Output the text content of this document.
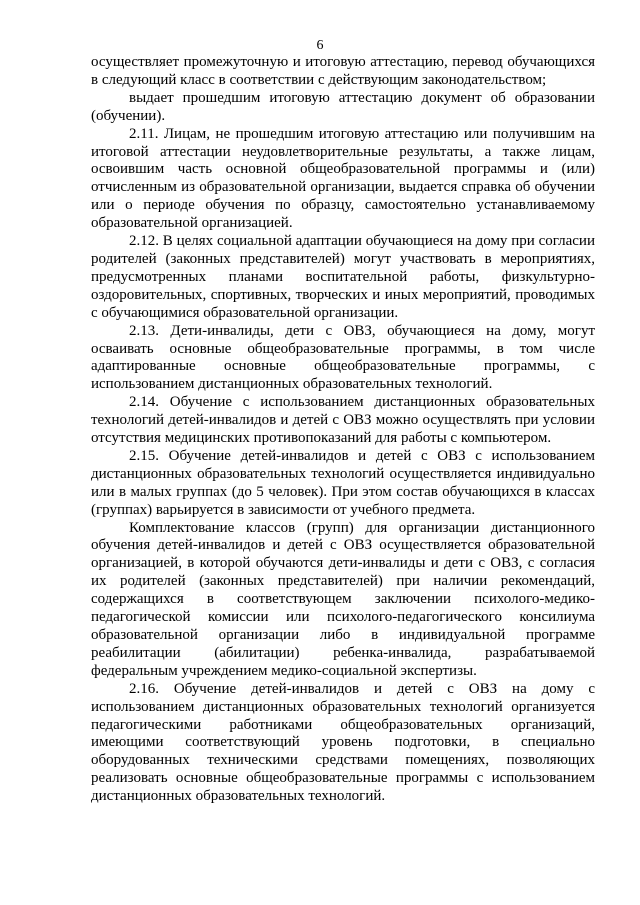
6

осуществляет промежуточную и итоговую аттестацию, перевод обучающихся в следующий класс в соответствии с действующим законодательством;

выдает прошедшим итоговую аттестацию документ об образовании (обучении).

2.11. Лицам, не прошедшим итоговую аттестацию или получившим на итоговой аттестации неудовлетворительные результаты, а также лицам, освоившим часть основной общеобразовательной программы и (или) отчисленным из образовательной организации, выдается справка об обучении или о периоде обучения по образцу, самостоятельно устанавливаемому образовательной организацией.

2.12. В целях социальной адаптации обучающиеся на дому при согласии родителей (законных представителей) могут участвовать в мероприятиях, предусмотренных планами воспитательной работы, физкультурно-оздоровительных, спортивных, творческих и иных мероприятий, проводимых с обучающимися образовательной организации.

2.13. Дети-инвалиды, дети с ОВЗ, обучающиеся на дому, могут осваивать основные общеобразовательные программы, в том числе адаптированные основные общеобразовательные программы, с использованием дистанционных образовательных технологий.

2.14. Обучение с использованием дистанционных образовательных технологий детей-инвалидов и детей с ОВЗ можно осуществлять при условии отсутствия медицинских противопоказаний для работы с компьютером.

2.15. Обучение детей-инвалидов и детей с ОВЗ с использованием дистанционных образовательных технологий осуществляется индивидуально или в малых группах (до 5 человек). При этом состав обучающихся в классах (группах) варьируется в зависимости от учебного предмета.

Комплектование классов (групп) для организации дистанционного обучения детей-инвалидов и детей с ОВЗ осуществляется образовательной организацией, в которой обучаются дети-инвалиды и дети с ОВЗ, с согласия их родителей (законных представителей) при наличии рекомендаций, содержащихся в соответствующем заключении психолого-медико-педагогической комиссии или психолого-педагогического консилиума образовательной организации либо в индивидуальной программе реабилитации (абилитации) ребенка-инвалида, разрабатываемой федеральным учреждением медико-социальной экспертизы.

2.16. Обучение детей-инвалидов и детей с ОВЗ на дому с использованием дистанционных образовательных технологий организуется педагогическими работниками общеобразовательных организаций, имеющими соответствующий уровень подготовки, в специально оборудованных техническими средствами помещениях, позволяющих реализовать основные общеобразовательные программы с использованием дистанционных образовательных технологий.
